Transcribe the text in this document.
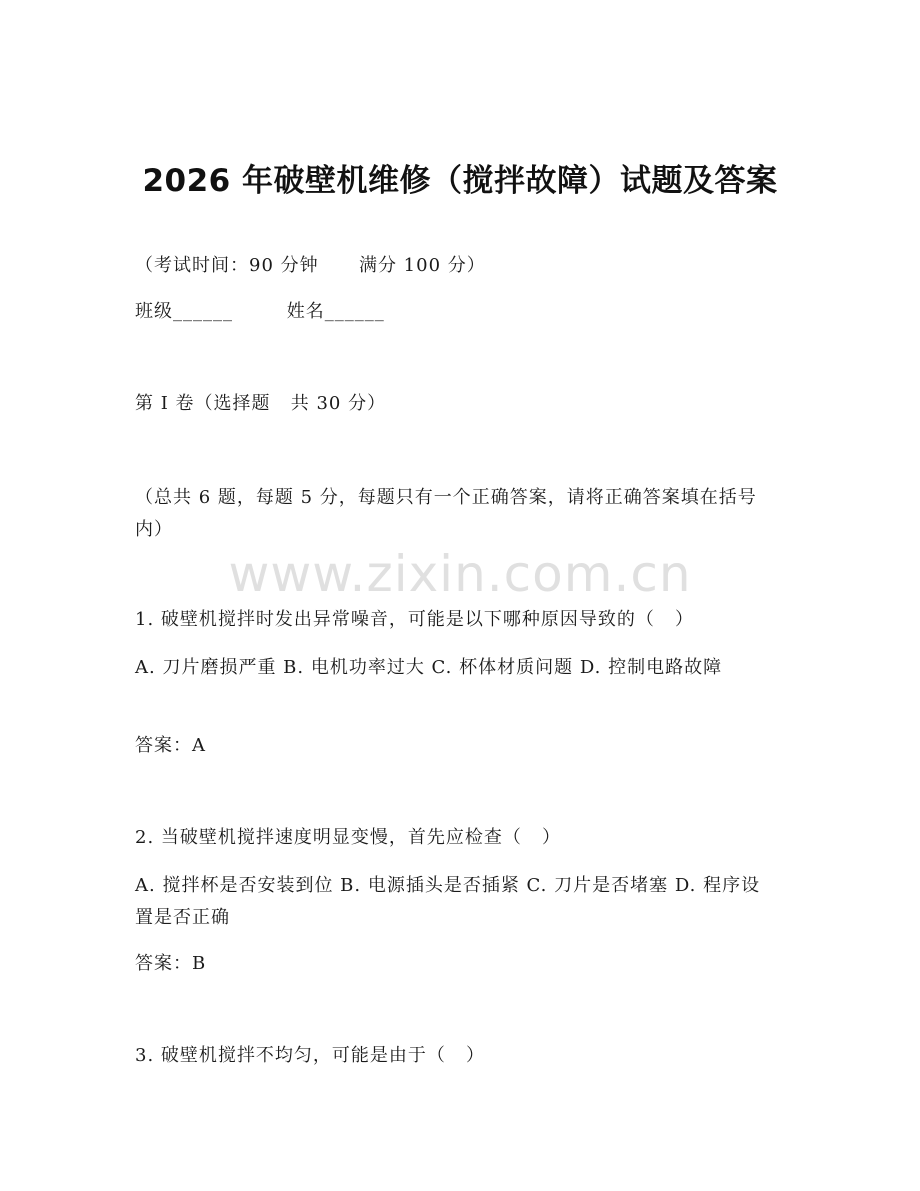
www.zixin.com.cn
2026 年破壁机维修（搅拌故障）试题及答案
（考试时间：90 分钟      满分 100 分）
班级______        姓名______
第 I 卷（选择题   共 30 分）
（总共 6 题，每题 5 分，每题只有一个正确答案，请将正确答案填在括号内）
1. 破壁机搅拌时发出异常噪音，可能是以下哪种原因导致的（   ）
A. 刀片磨损严重 B. 电机功率过大 C. 杯体材质问题 D. 控制电路故障
答案：A
2. 当破壁机搅拌速度明显变慢，首先应检查（   ）
A. 搅拌杯是否安装到位 B. 电源插头是否插紧 C. 刀片是否堵塞 D. 程序设置是否正确
答案：B
3. 破壁机搅拌不均匀，可能是由于（   ）
